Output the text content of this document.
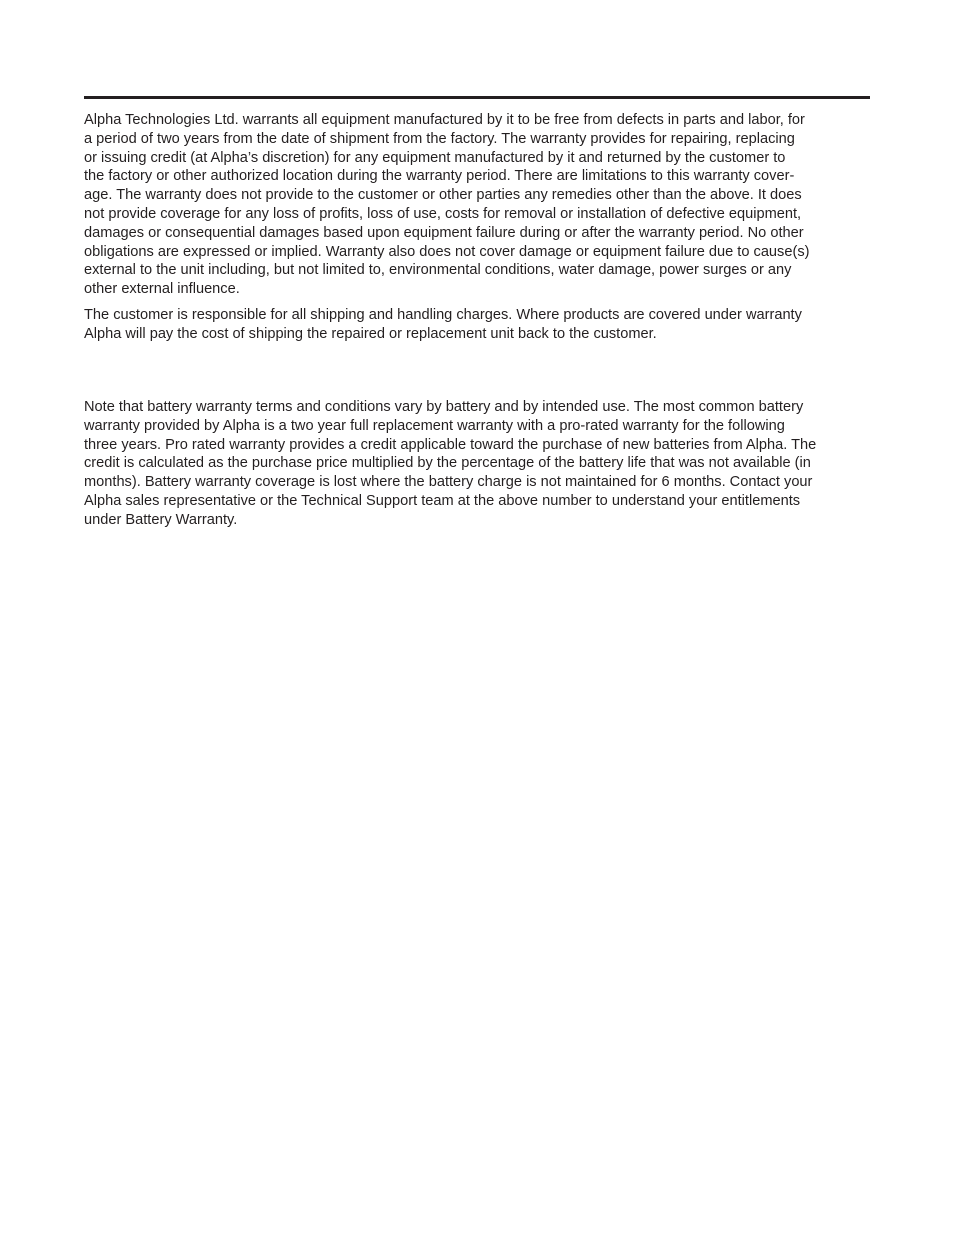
Alpha Technologies Ltd. warrants all equipment manufactured by it to be free from defects in parts and labor, for
a period of two years from the date of shipment from the factory. The warranty provides for repairing, replacing
or issuing credit (at Alpha’s discretion) for any equipment manufactured by it and returned by the customer to
the factory or other authorized location during the warranty period. There are limitations to this warranty cover-
age. The warranty does not provide to the customer or other parties any remedies other than the above. It does
not provide coverage for any loss of profits, loss of use, costs for removal or installation of defective equipment,
damages or consequential damages based upon equipment failure during or after the warranty period. No other
obligations are expressed or implied. Warranty also does not cover damage or equipment failure due to cause(s)
external to the unit including, but not limited to, environmental conditions, water damage, power surges or any
other external influence.

The customer is responsible for all shipping and handling charges. Where products are covered under warranty
Alpha will pay the cost of shipping the repaired or replacement unit back to the customer.

Note that battery warranty terms and conditions vary by battery and by intended use. The most common battery
warranty provided by Alpha is a two year full replacement warranty with a pro-rated warranty for the following
three years. Pro rated warranty provides a credit applicable toward the purchase of new batteries from Alpha. The
credit is calculated as the purchase price multiplied by the percentage of the battery life that was not available (in
months). Battery warranty coverage is lost where the battery charge is not maintained for 6 months. Contact your
Alpha sales representative or the Technical Support team at the above number to understand your entitlements
under Battery Warranty.
